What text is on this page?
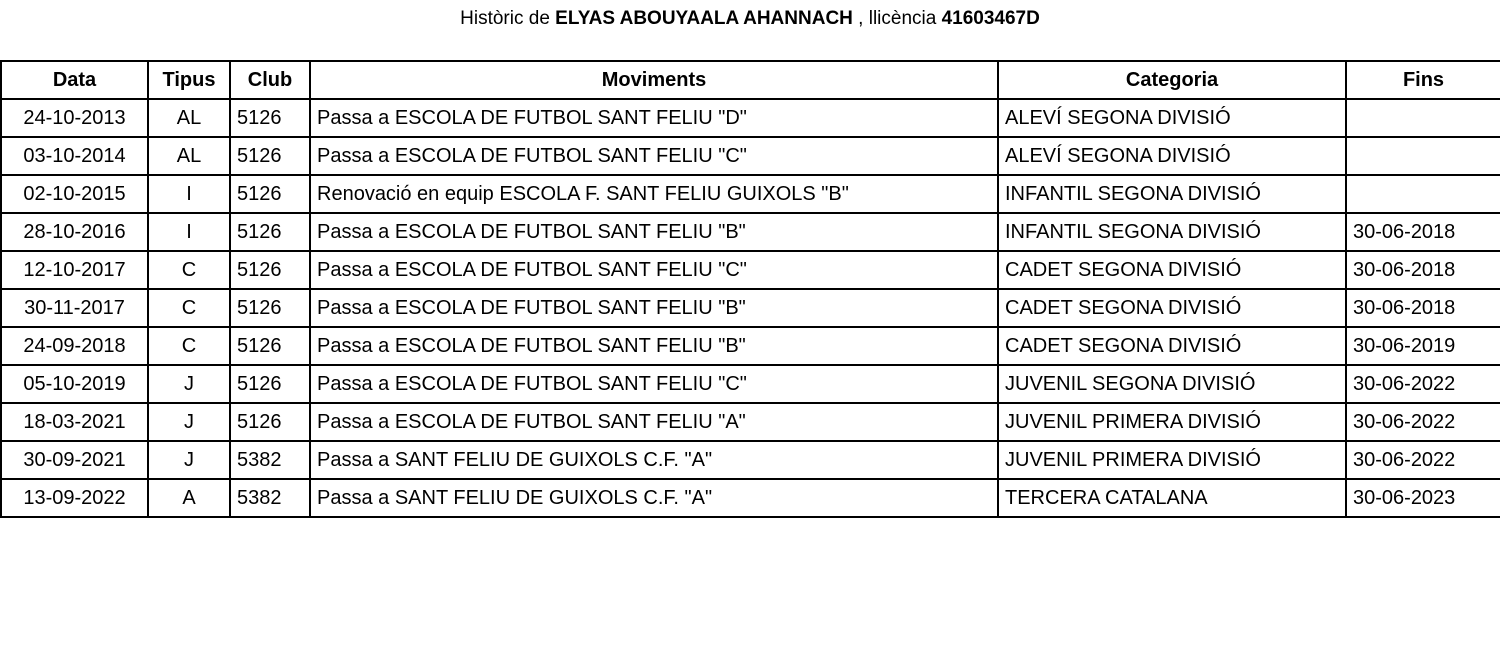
Històric de ELYAS ABOUYAALA AHANNACH , llicència 41603467D
Data	Tipus	Club	Moviments	Categoria	Fins
24-10-2013	AL	5126	Passa a ESCOLA DE FUTBOL SANT FELIU "D"	ALEVÍ SEGONA DIVISIÓ	
03-10-2014	AL	5126	Passa a ESCOLA DE FUTBOL SANT FELIU "C"	ALEVÍ SEGONA DIVISIÓ	
02-10-2015	I	5126	Renovació en equip ESCOLA F. SANT FELIU GUIXOLS "B"	INFANTIL SEGONA DIVISIÓ	
28-10-2016	I	5126	Passa a ESCOLA DE FUTBOL SANT FELIU "B"	INFANTIL SEGONA DIVISIÓ	30-06-2018
12-10-2017	C	5126	Passa a ESCOLA DE FUTBOL SANT FELIU "C"	CADET SEGONA DIVISIÓ	30-06-2018
30-11-2017	C	5126	Passa a ESCOLA DE FUTBOL SANT FELIU "B"	CADET SEGONA DIVISIÓ	30-06-2018
24-09-2018	C	5126	Passa a ESCOLA DE FUTBOL SANT FELIU "B"	CADET SEGONA DIVISIÓ	30-06-2019
05-10-2019	J	5126	Passa a ESCOLA DE FUTBOL SANT FELIU "C"	JUVENIL SEGONA DIVISIÓ	30-06-2022
18-03-2021	J	5126	Passa a ESCOLA DE FUTBOL SANT FELIU "A"	JUVENIL PRIMERA DIVISIÓ	30-06-2022
30-09-2021	J	5382	Passa a SANT FELIU DE GUIXOLS C.F. "A"	JUVENIL PRIMERA DIVISIÓ	30-06-2022
13-09-2022	A	5382	Passa a SANT FELIU DE GUIXOLS C.F. "A"	TERCERA CATALANA	30-06-2023
